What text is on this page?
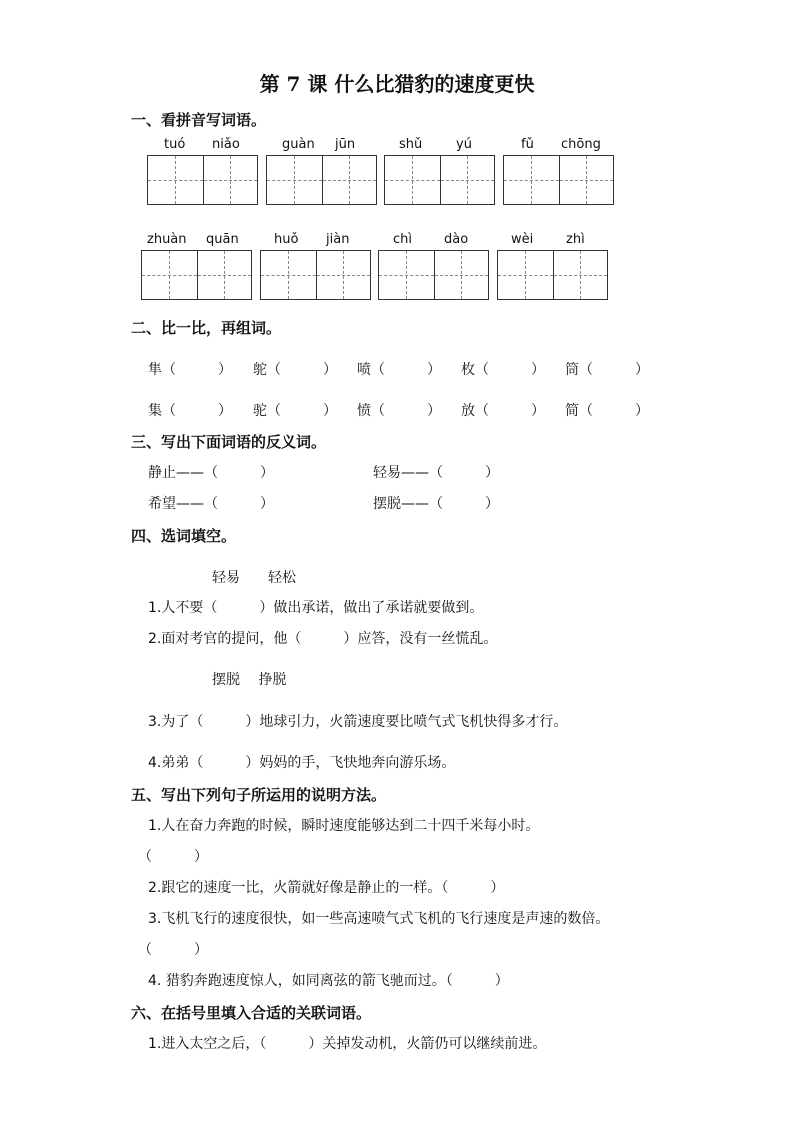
第 7 课 什么比猎豹的速度更快
一、看拼音写词语。
tuó niǎo	guàn jūn	shǔ	yú	fǔ chōng
zhuàn quān	huǒ jiàn	chì dào	wèi	zhì
二、比一比，再组词。
隼（　　　） 鸵（　　　） 喷（　　　） 枚（　　　） 筒（　　　）
集（　　　） 驼（　　　） 愤（　　　） 放（　　　） 简（　　　）
三、写出下面词语的反义词。
静止——（　　　）	轻易——（　　　）
希望——（　　　）	摆脱——（　　　）
四、选词填空。
轻易　　轻松
1.人不要（　　　）做出承诺，做出了承诺就要做到。
2.面对考官的提问，他（　　　）应答，没有一丝慌乱。
摆脱　 挣脱
3.为了（　　　）地球引力，火箭速度要比喷气式飞机快得多才行。
4.弟弟（　　　）妈妈的手，飞快地奔向游乐场。
五、写出下列句子所运用的说明方法。
1.人在奋力奔跑的时候，瞬时速度能够达到二十四千米每小时。
（　　　）
2.跟它的速度一比，火箭就好像是静止的一样。（　　　）
3.飞机飞行的速度很快，如一些高速喷气式飞机的飞行速度是声速的数倍。
（　　　）
4. 猎豹奔跑速度惊人，如同离弦的箭飞驰而过。（　　　）
六、在括号里填入合适的关联词语。
1.进入太空之后，（　　　）关掉发动机，火箭仍可以继续前进。
